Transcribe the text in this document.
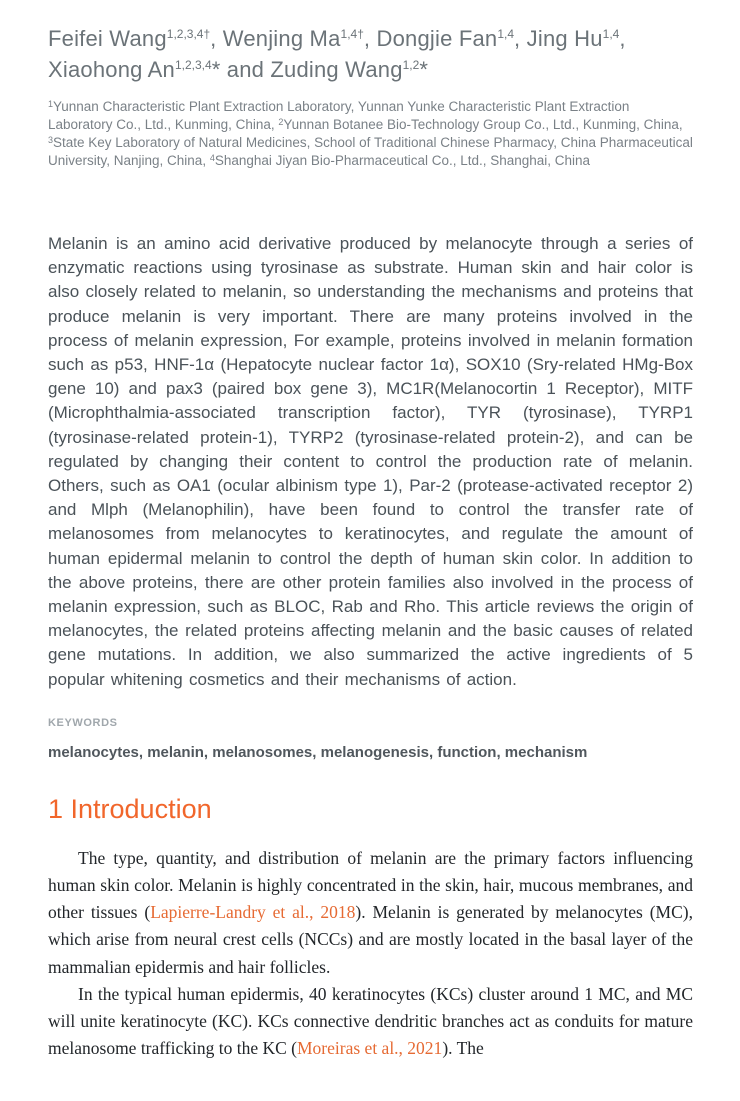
Feifei Wang$^{1,2,3,4\dagger}$, Wenjing $Ma^{1,4\dagger}$, Dongjie Fan$^{1,4}$, Jing Hu$^{1,4}$, Xiaohong An$^{1,2,3,4}$* and Zuding Wang$^{1,2}$*

$^1$Yunnan Characteristic Plant Extraction Laboratory, Yunnan Yunke Characteristic Plant Extraction Laboratory Co., Ltd., Kunming, China, $^2$Yunnan Botanee Bio-Technology Group Co., Ltd., Kunming, China, $^3$State Key Laboratory of Natural Medicines, School of Traditional Chinese Pharmacy, China Pharmaceutical University, Nanjing, China, $^4$Shanghai Jiyan Bio-Pharmaceutical Co., Ltd., Shanghai, China

Melanin is an amino acid derivative produced by melanocyte through a series of enzymatic reactions using tyrosinase as substrate. Human skin and hair color is also closely related to melanin, so understanding the mechanisms and proteins that produce melanin is very important. There are many proteins involved in the process of melanin expression, For example, proteins involved in melanin formation such as p53, HNF-1α (Hepatocyte nuclear factor 1α), SOX10 (Sry-related HMg-Box gene 10) and pax3 (paired box gene 3), MC1R(Melanocortin 1 Receptor), MITF (Microphthalmia-associated transcription factor), TYR (tyrosinase), TYRP1 (tyrosinase-related protein-1), TYRP2 (tyrosinase-related protein-2), and can be regulated by changing their content to control the production rate of melanin. Others, such as OA1 (ocular albinism type 1), Par-2 (protease-activated receptor 2) and Mlph (Melanophilin), have been found to control the transfer rate of melanosomes from melanocytes to keratinocytes, and regulate the amount of human epidermal melanin to control the depth of human skin color. In addition to the above proteins, there are other protein families also involved in the process of melanin expression, such as BLOC, Rab and Rho. This article reviews the origin of melanocytes, the related proteins affecting melanin and the basic causes of related gene mutations. In addition, we also summarized the active ingredients of 5 popular whitening cosmetics and their mechanisms of action.

KEYWORDS
melanocytes, melanin, melanosomes, melanogenesis, function, mechanism
1 Introduction

The type, quantity, and distribution of melanin are the primary factors influencing human skin color. Melanin is highly concentrated in the skin, hair, mucous membranes, and other tissues (Lapierre-Landry et al., 2018). Melanin is generated by melanocytes (MC), which arise from neural crest cells (NCCs) and are mostly located in the basal layer of the mammalian epidermis and hair follicles.

In the typical human epidermis, 40 keratinocytes (KCs) cluster around 1 MC, and MC will unite keratinocyte (KC). KCs connective dendritic branches act as conduits for mature melanosome trafficking to the KC (Moreiras et al., 2021). The
